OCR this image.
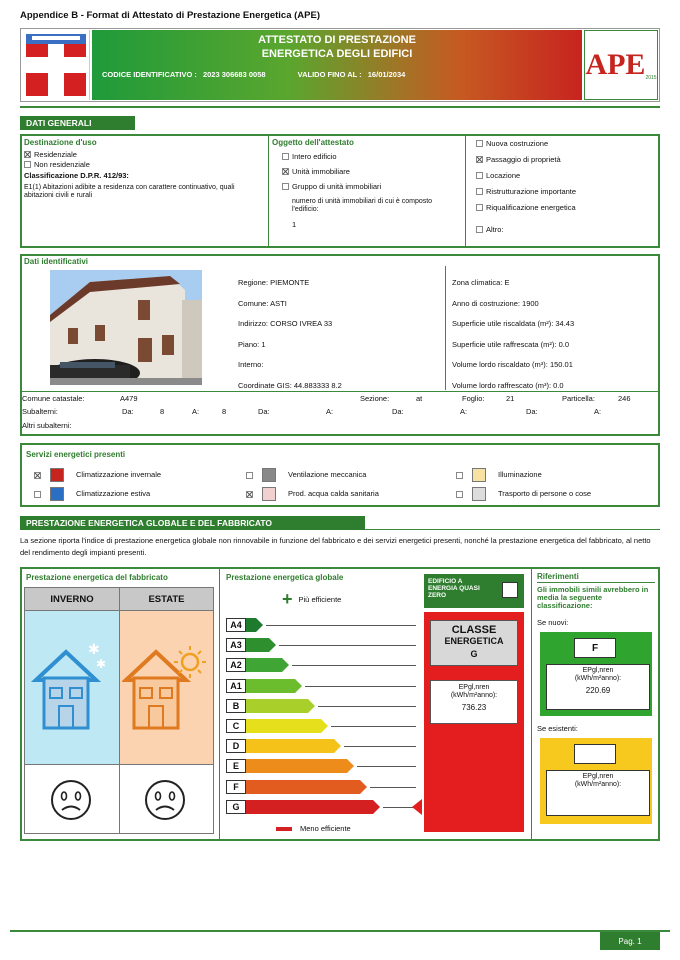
Appendice B - Format di Attestato di Prestazione Energetica (APE)
ATTESTATO DI PRESTAZIONE
ENERGETICA DEGLI EDIFICI
CODICE IDENTIFICATIVO : 2023 306683 0058	VALIDO FINO AL : 16/01/2034	APE 2015
DATI GENERALI
Destinazione d'uso
Residenziale
Non residenziale
Classificazione D.P.R. 412/93:
E1(1) Abitazioni adibite a residenza con carattere continuativo, quali abitazioni civili e rurali
Oggetto dell'attestato
Intero edificio
Unità immobiliare
Gruppo di unità immobiliari
numero di unità immobiliari di cui è composto l'edificio:
1
Nuova costruzione
Passaggio di proprietà
Locazione
Ristrutturazione importante
Riqualificazione energetica
Altro:
Dati identificativi
Regione: PIEMONTE
Comune: ASTI
Indirizzo: CORSO IVREA 33
Piano: 1
Interno:
Coordinate GIS: 44.883333 8.2
Zona climatica: E
Anno di costruzione: 1900
Superficie utile riscaldata (m²): 34.43
Superficie utile raffrescata (m²): 0.0
Volume lordo riscaldato (m³): 150.01
Volume lordo raffrescato (m³): 0.0
Comune catastale:	A479	Sezione:	at	Foglio:	21	Particella:	246
Subalterni:	Da:	8	A:	8	Da:	A:	Da:	A:	Da:	A:
Altri subalterni:
Servizi energetici presenti
Climatizzazione invernale
Climatizzazione estiva
Ventilazione meccanica
Prod. acqua calda sanitaria
Illuminazione
Trasporto di persone o cose
PRESTAZIONE ENERGETICA GLOBALE E DEL FABBRICATO
La sezione riporta l'indice di prestazione energetica globale non rinnovabile in funzione del fabbricato e dei servizi energetici presenti, nonché la prestazione energetica del fabbricato, al netto del rendimento degli impianti presenti.
Prestazione energetica del fabbricato
INVERNO	ESTATE
✱
✱
Prestazione energetica globale
+ Più efficiente
A4
A3
A2
A1
B
C
D
E
F
G
Meno efficiente
EDIFICIO A ENERGIA QUASI ZERO
CLASSE
ENERGETICA
G
EPgl,nren
(kWh/m²anno):
736.23
Riferimenti
Gli immobili simili avrebbero in media la seguente classificazione:
Se nuovi:
F
EPgl,nren
(kWh/m²anno):
220.69
Se esistenti:
EPgl,nren
(kWh/m²anno):
Pag. 1
